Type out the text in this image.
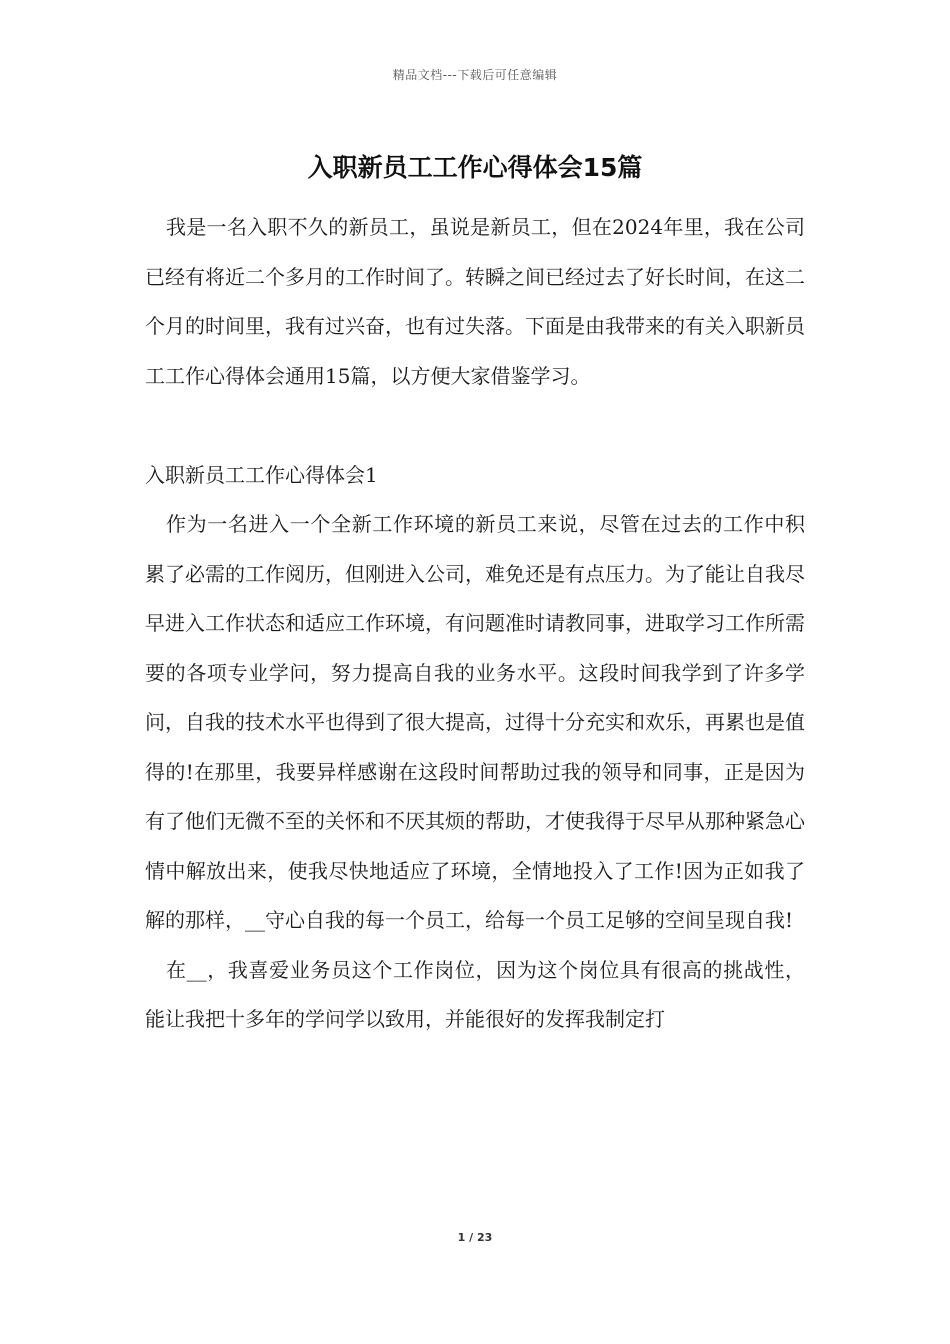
精品文档---下载后可任意编辑
入职新员工工作心得体会15篇

我是一名入职不久的新员工，虽说是新员工，但在2024年里，我在公司已经有将近二个多月的工作时间了。转瞬之间已经过去了好长时间，在这二个月的时间里，我有过兴奋，也有过失落。下面是由我带来的有关入职新员工工作心得体会通用15篇，以方便大家借鉴学习。

入职新员工工作心得体会1

作为一名进入一个全新工作环境的新员工来说，尽管在过去的工作中积累了必需的工作阅历，但刚进入公司，难免还是有点压力。为了能让自我尽早进入工作状态和适应工作环境，有问题准时请教同事，进取学习工作所需要的各项专业学问，努力提高自我的业务水平。这段时间我学到了许多学问，自我的技术水平也得到了很大提高，过得十分充实和欢乐，再累也是值得的!在那里，我要异样感谢在这段时间帮助过我的领导和同事，正是因为有了他们无微不至的关怀和不厌其烦的帮助，才使我得于尽早从那种紧急心情中解放出来，使我尽快地适应了环境，全情地投入了工作!因为正如我了解的那样，__守心自我的每一个员工，给每一个员工足够的空间呈现自我!

在__，我喜爱业务员这个工作岗位，因为这个岗位具有很高的挑战性，能让我把十多年的学问学以致用，并能很好的发挥我制定打

1 / 23
